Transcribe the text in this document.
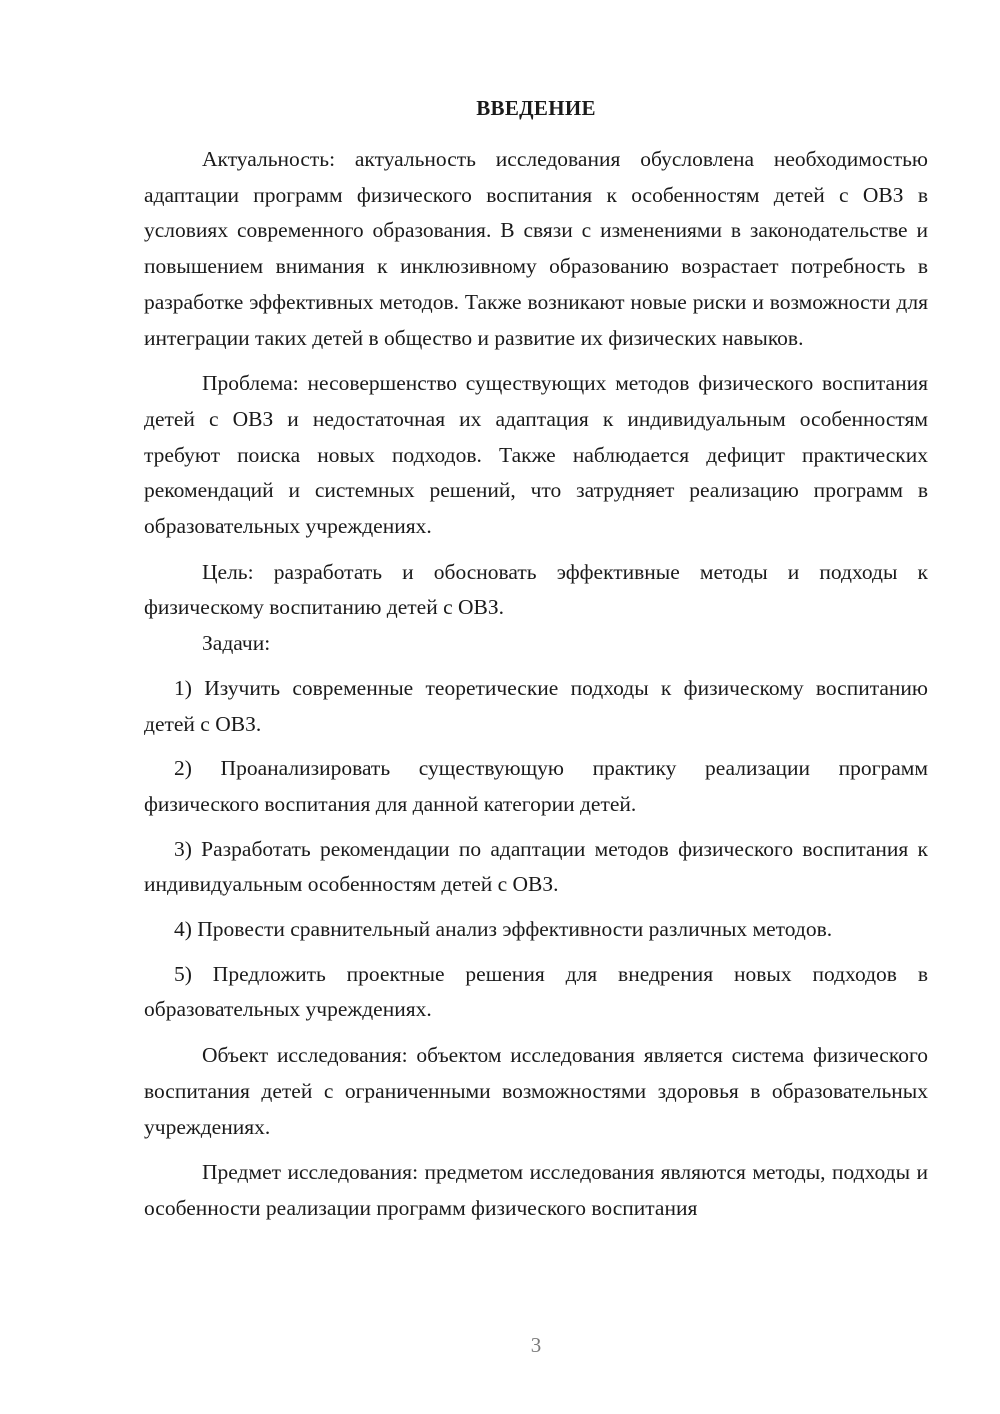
ВВЕДЕНИЕ

Актуальность: актуальность исследования обусловлена необходимостью адаптации программ физического воспитания к особенностям детей с ОВЗ в условиях современного образования. В связи с изменениями в законодательстве и повышением внимания к инклюзивному образованию возрастает потребность в разработке эффективных методов. Также возникают новые риски и возможности для интеграции таких детей в общество и развитие их физических навыков.

Проблема: несовершенство существующих методов физического воспитания детей с ОВЗ и недостаточная их адаптация к индивидуальным особенностям требуют поиска новых подходов. Также наблюдается дефицит практических рекомендаций и системных решений, что затрудняет реализацию программ в образовательных учреждениях.

Цель: разработать и обосновать эффективные методы и подходы к физическому воспитанию детей с ОВЗ.

Задачи:

1) Изучить современные теоретические подходы к физическому воспитанию детей с ОВЗ.

2) Проанализировать существующую практику реализации программ физического воспитания для данной категории детей.

3) Разработать рекомендации по адаптации методов физического воспитания к индивидуальным особенностям детей с ОВЗ.

4) Провести сравнительный анализ эффективности различных методов.

5) Предложить проектные решения для внедрения новых подходов в образовательных учреждениях.

Объект исследования: объектом исследования является система физического воспитания детей с ограниченными возможностями здоровья в образовательных учреждениях.

Предмет исследования: предметом исследования являются методы, подходы и особенности реализации программ физического воспитания

3
